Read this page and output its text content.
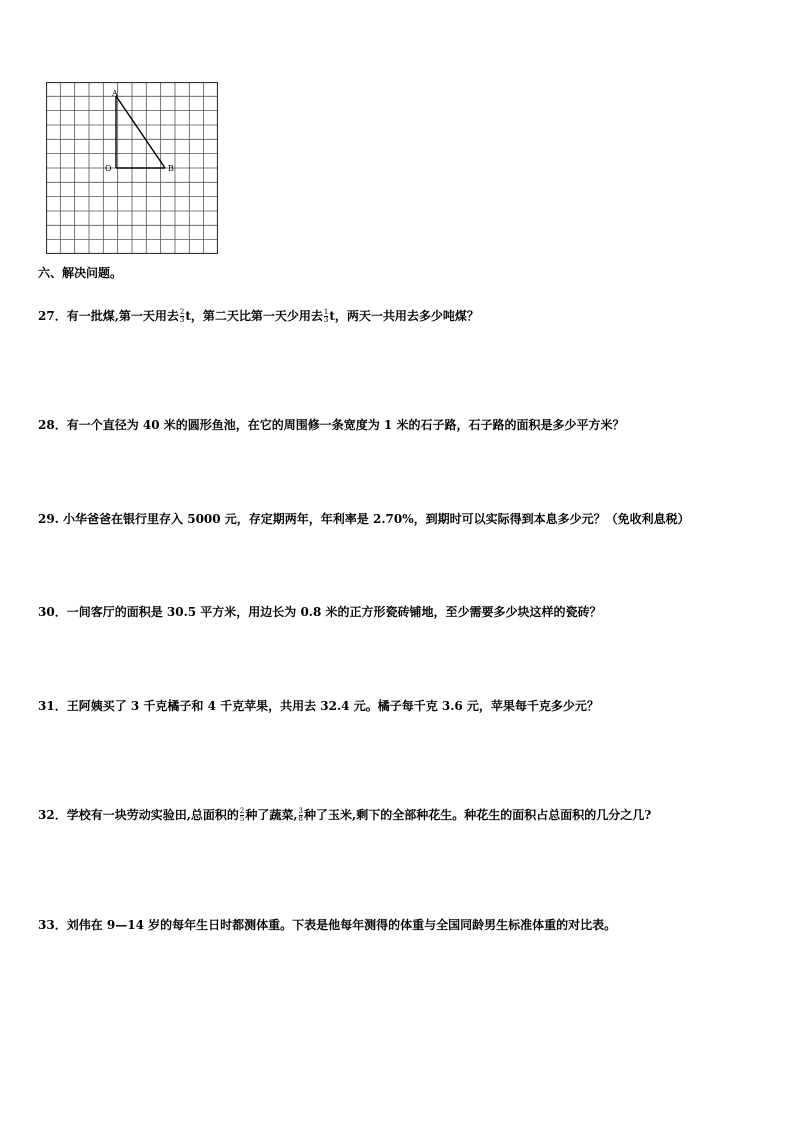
A
O	B
六、解决问题。
27．有一批煤,第一天用去 $\frac{2}{3}$ t，第二天比第一天少用去 $\frac{1}{3}$ t，两天一共用去多少吨煤？
28．有一个直径为 40 米的圆形鱼池，在它的周围修一条宽度为 1 米的石子路，石子路的面积是多少平方米？
29. 小华爸爸在银行里存入 5000 元，存定期两年，年利率是 2.70%，到期时可以实际得到本息多少元？（免收利息税）
30．一间客厅的面积是 30.5 平方米，用边长为 0.8 米的正方形瓷砖铺地，至少需要多少块这样的瓷砖？
31．王阿姨买了 3 千克橘子和 4 千克苹果，共用去 32.4 元。橘子每千克 3.6 元，苹果每千克多少元？
32．学校有一块劳动实验田,总面积的 $\frac{2}{5}$ 种了蔬菜, $\frac{3}{8}$ 种了玉米,剩下的全部种花生。种花生的面积占总面积的几分之几?
33．刘伟在 9—14 岁的每年生日时都测体重。下表是他每年测得的体重与全国同龄男生标准体重的对比表。
